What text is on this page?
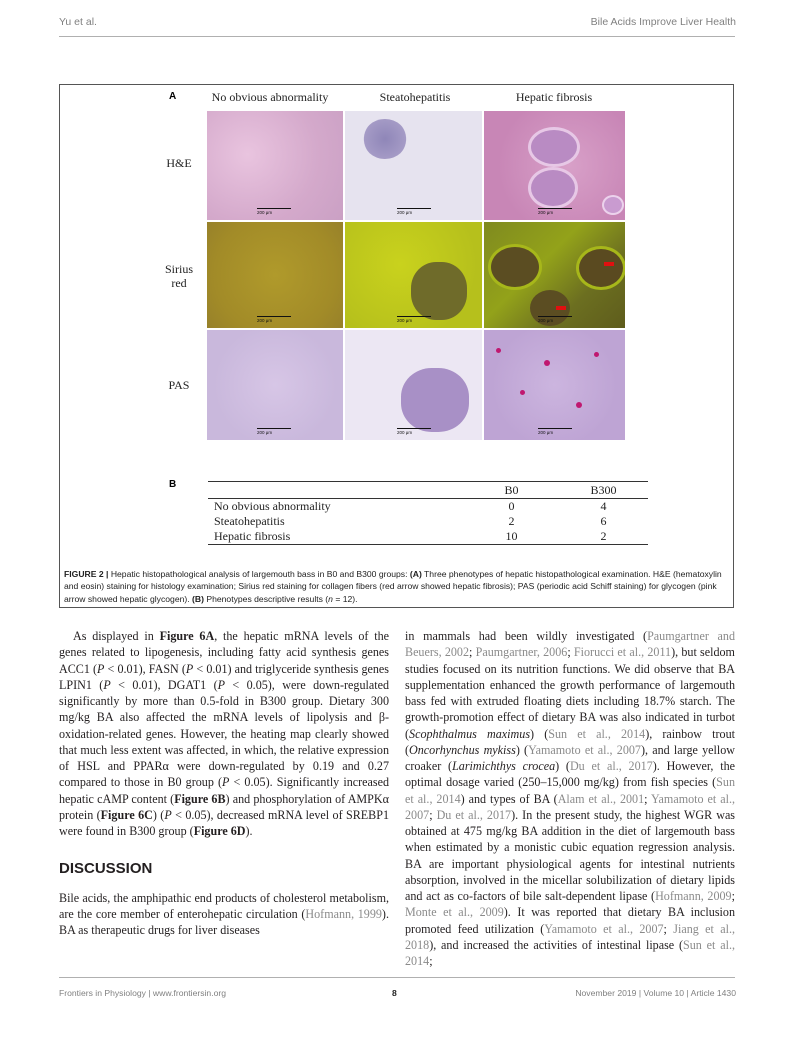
Yu et al.	Bile Acids Improve Liver Health
A	No obvious abnormality	Steatohepatitis	Hepatic fibrosis
H&E
Sirius
red
PAS
200 μm	200 μm	200 μm
200 μm	200 μm	200 μm
200 μm	200 μm	200 μm
B
		B0	B300
No obvious abnormality	0	4
Steatohepatitis	2	6
Hepatic fibrosis	10	2
FIGURE 2 | Hepatic histopathological analysis of largemouth bass in B0 and B300 groups: (A) Three phenotypes of hepatic histopathological examination. H&E (hematoxylin and eosin) staining for histology examination; Sirius red staining for collagen fibers (red arrow showed hepatic fibrosis); PAS (periodic acid Schiff staining) for glycogen (pink arrow showed hepatic glycogen). (B) Phenotypes descriptive results (n = 12).

As displayed in Figure 6A, the hepatic mRNA levels of the genes related to lipogenesis, including fatty acid synthesis genes ACC1 (P < 0.01), FASN (P < 0.01) and triglyceride synthesis genes LPIN1 (P < 0.01), DGAT1 (P < 0.05), were down-regulated significantly by more than 0.5-fold in B300 group. Dietary 300 mg/kg BA also affected the mRNA levels of lipolysis and β-oxidation-related genes. However, the heating map clearly showed that much less extent was affected, in which, the relative expression of HSL and PPARα were down-regulated by 0.19 and 0.27 compared to those in B0 group (P < 0.05). Significantly increased hepatic cAMP content (Figure 6B) and phosphorylation of AMPKα protein (Figure 6C) (P < 0.05), decreased mRNA level of SREBP1 were found in B300 group (Figure 6D).

DISCUSSION

Bile acids, the amphipathic end products of cholesterol metabolism, are the core member of enterohepatic circulation (Hofmann, 1999). BA as therapeutic drugs for liver diseases

in mammals had been wildly investigated (Paumgartner and Beuers, 2002; Paumgartner, 2006; Fiorucci et al., 2011), but seldom studies focused on its nutrition functions. We did observe that BA supplementation enhanced the growth performance of largemouth bass fed with extruded floating diets including 18.7% starch. The growth-promotion effect of dietary BA was also indicated in turbot (Scophthalmus maximus) (Sun et al., 2014), rainbow trout (Oncorhynchus mykiss) (Yamamoto et al., 2007), and large yellow croaker (Larimichthys crocea) (Du et al., 2017). However, the optimal dosage varied (250–15,000 mg/kg) from fish species (Sun et al., 2014) and types of BA (Alam et al., 2001; Yamamoto et al., 2007; Du et al., 2017). In the present study, the highest WGR was obtained at 475 mg/kg BA addition in the diet of largemouth bass when estimated by a monistic cubic equation regression analysis. BA are important physiological agents for intestinal nutrients absorption, involved in the micellar solubilization of dietary lipids and act as co-factors of bile salt-dependent lipase (Hofmann, 2009; Monte et al., 2009). It was reported that dietary BA inclusion promoted feed utilization (Yamamoto et al., 2007; Jiang et al., 2018), and increased the activities of intestinal lipase (Sun et al., 2014;

Frontiers in Physiology | www.frontiersin.org	8	November 2019 | Volume 10 | Article 1430
